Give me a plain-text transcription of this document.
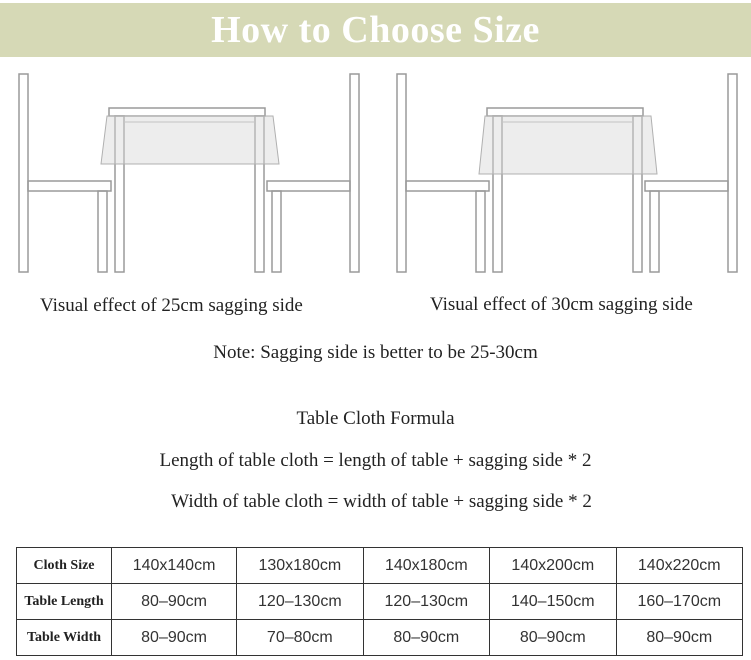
How to Choose Size
Visual effect of 25cm sagging side	Visual effect of 30cm sagging side
Note: Sagging side is better to be 25-30cm
Table Cloth Formula
Length of table cloth = length of table + sagging side * 2
Width of table cloth = width of table + sagging side * 2
Cloth Size	140x140cm	130x180cm	140x180cm	140x200cm	140x220cm
Table Length	80–90cm	120–130cm	120–130cm	140–150cm	160–170cm
Table Width	80–90cm	70–80cm	80–90cm	80–90cm	80–90cm
